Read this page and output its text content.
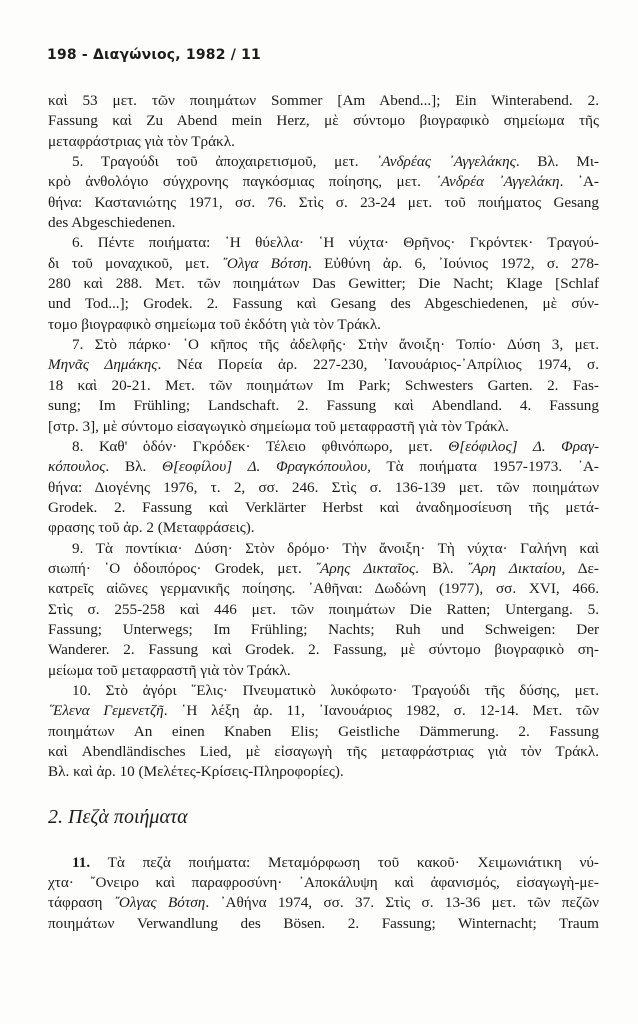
198 - Διαγώνιος, 1982 / 11
καὶ 53 μετ. τῶν ποιημάτων Sommer [Am Abend...]; Ein Winterabend. 2.
Fassung καὶ Zu Abend mein Herz, μὲ σύντομο βιογραφικὸ σημείωμα τῆς
μεταφράστριας γιὰ τὸν Τράκλ.
5. Τραγούδι τοῦ ἀποχαιρετισμοῦ, μετ. ᾿Ανδρέας ᾿Αγγελάκης. Βλ. Μι-
κρὸ ἀνθολόγιο σύγχρονης παγκόσμιας ποίησης, μετ. ᾿Ανδρέα ᾿Αγγελάκη. ᾿Α-
θήνα: Καστανιώτης 1971, σσ. 76. Στὶς σ. 23-24 μετ. τοῦ ποιήματος Gesang
des Abgeschiedenen.
6. Πέντε ποιήματα: ῾Η θύελλα· ῾Η νύχτα· Θρῆνος· Γκρόντεκ· Τραγού-
δι τοῦ μοναχικοῦ, μετ. ῎Ολγα Βότση. Εὐθύνη ἀρ. 6, ᾿Ιούνιος 1972, σ. 278-
280 καὶ 288. Μετ. τῶν ποιημάτων Das Gewitter; Die Nacht; Klage [Schlaf
und Tod...]; Grodek. 2. Fassung καὶ Gesang des Abgeschiedenen, μὲ σύν-
τομο βιογραφικὸ σημείωμα τοῦ ἐκδότη γιὰ τὸν Τράκλ.
7. Στὸ πάρκο· ῾Ο κῆπος τῆς ἀδελφῆς· Στὴν ἄνοιξη· Τοπίο· Δύση 3, μετ.
Μηνᾶς Δημάκης. Νέα Πορεία ἀρ. 227-230, ᾿Ιανουάριος-᾿Απρίλιος 1974, σ.
18 καὶ 20-21. Μετ. τῶν ποιημάτων Im Park; Schwesters Garten. 2. Fas-
sung; Im Frühling; Landschaft. 2. Fassung καὶ Abendland. 4. Fassung
[στρ. 3], μὲ σύντομο εἰσαγωγικὸ σημείωμα τοῦ μεταφραστῆ γιὰ τὸν Τράκλ.
8. Καθ' ὁδόν· Γκρόδεκ· Τέλειο φθινόπωρο, μετ. Θ[εόφιλος] Δ. Φραγ-
κόπουλος. Βλ. Θ[εοφίλου] Δ. Φραγκόπουλου, Τὰ ποιήματα 1957-1973. ᾿Α-
θήνα: Διογένης 1976, τ. 2, σσ. 246. Στὶς σ. 136-139 μετ. τῶν ποιημάτων
Grodek. 2. Fassung καὶ Verklärter Herbst καὶ ἀναδημοσίευση τῆς μετά-
φρασης τοῦ ἀρ. 2 (Μεταφράσεις).
9. Τὰ ποντίκια· Δύση· Στὸν δρόμο· Τὴν ἄνοιξη· Τὴ νύχτα· Γαλήνη καὶ
σιωπή· ῾Ο ὁδοιπόρος· Grodek, μετ. ῎Αρης Δικταῖος. Βλ. ῎Αρη Δικταίου, Δε-
κατρεῖς αἰῶνες γερμανικῆς ποίησης. ᾿Αθῆναι: Δωδώνη (1977), σσ. XVI, 466.
Στὶς σ. 255-258 καὶ 446 μετ. τῶν ποιημάτων Die Ratten; Untergang. 5.
Fassung; Unterwegs; Im Frühling; Nachts; Ruh und Schweigen: Der
Wanderer. 2. Fassung καὶ Grodek. 2. Fassung, μὲ σύντομο βιογραφικὸ ση-
μείωμα τοῦ μεταφραστῆ γιὰ τὸν Τράκλ.
10. Στὸ ἀγόρι ῞Ελις· Πνευματικὸ λυκόφωτο· Τραγούδι τῆς δύσης, μετ.
῞Ελενα Γεμενετζῆ. ῾Η λέξη ἀρ. 11, ᾿Ιανουάριος 1982, σ. 12-14. Μετ. τῶν
ποιημάτων An einen Knaben Elis; Geistliche Dämmerung. 2. Fassung
καὶ Abendländisches Lied, μὲ εἰσαγωγὴ τῆς μεταφράστριας γιὰ τὸν Τράκλ.
Βλ. καὶ ἀρ. 10 (Μελέτες-Κρίσεις-Πληροφορίες).
2. Πεζὰ ποιήματα
11. Τὰ πεζὰ ποιήματα: Μεταμόρφωση τοῦ κακοῦ· Χειμωνιάτικη νύ-
χτα· ῎Ονειρο καὶ παραφροσύνη· ᾿Αποκάλυψη καὶ ἀφανισμός, εἰσαγωγὴ-με-
τάφραση ῎Ολγας Βότση. ᾿Αθήνα 1974, σσ. 37. Στὶς σ. 13-36 μετ. τῶν πεζῶν
ποιημάτων Verwandlung des Bösen. 2. Fassung; Winternacht; Traum
